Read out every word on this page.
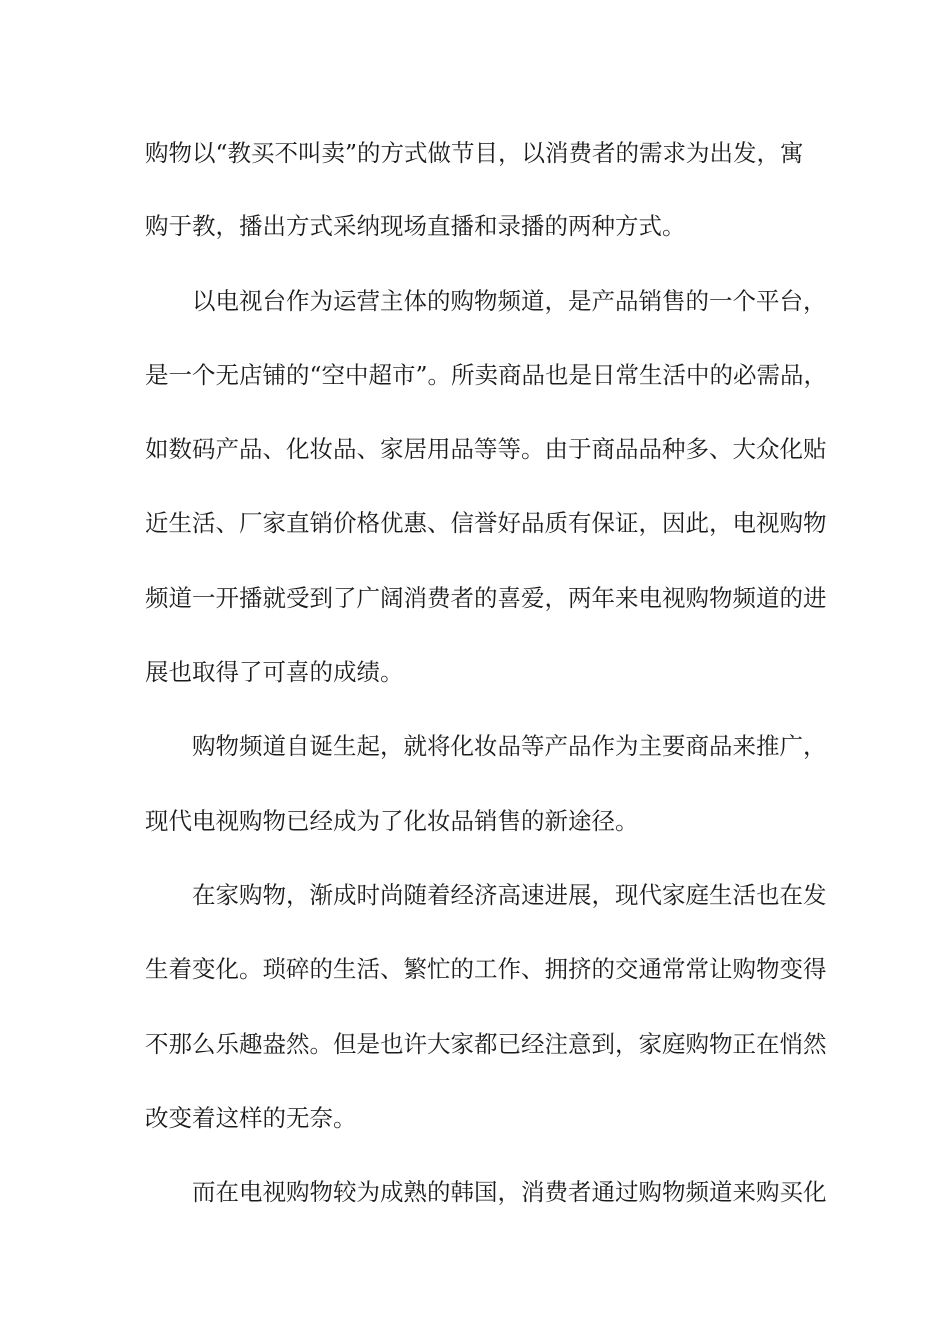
购物以“教买不叫卖”的方式做节目，以消费者的需求为出发，寓
购于教，播出方式采纳现场直播和录播的两种方式。
以电视台作为运营主体的购物频道，是产品销售的一个平台，
是一个无店铺的“空中超市”。所卖商品也是日常生活中的必需品，
如数码产品、化妆品、家居用品等等。由于商品品种多、大众化贴
近生活、厂家直销价格优惠、信誉好品质有保证，因此，电视购物
频道一开播就受到了广阔消费者的喜爱，两年来电视购物频道的进
展也取得了可喜的成绩。
购物频道自诞生起，就将化妆品等产品作为主要商品来推广，
现代电视购物已经成为了化妆品销售的新途径。
在家购物，渐成时尚随着经济高速进展，现代家庭生活也在发
生着变化。琐碎的生活、繁忙的工作、拥挤的交通常常让购物变得
不那么乐趣盎然。但是也许大家都已经注意到，家庭购物正在悄然
改变着这样的无奈。
而在电视购物较为成熟的韩国，消费者通过购物频道来购买化
